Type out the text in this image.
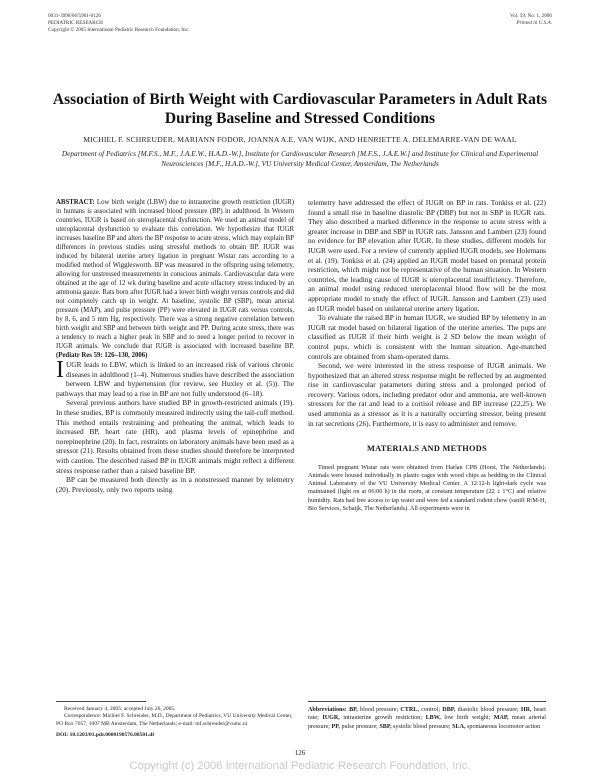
0031-3998/06/5901-0126
PEDIATRIC RESEARCH
Copyright © 2005 International Pediatric Research Foundation, Inc.
Vol. 59, No. 1, 2006
Printed in U.S.A.
Association of Birth Weight with Cardiovascular Parameters in Adult Rats During Baseline and Stressed Conditions
MICHIEL F. SCHREUDER, MARIANN FODOR, JOANNA A.E. VAN WIJK, AND HENRIETTE A. DELEMARRE-VAN DE WAAL
Department of Pediatrics [M.F.S., M.F., J.A.E.W., H.A.D.-W.], Institute for Cardiovascular Research [M.F.S., J.A.E.W.] and Institute for Clinical and Experimental Neurosciences [M.F., H.A.D.-W.], VU University Medical Center, Amsterdam, The Netherlands

ABSTRACT: Low birth weight (LBW) due to intrauterine growth restriction (IUGR) in humans is associated with increased blood pressure (BP) in adulthood. In Western countries, IUGR is based on uteroplacental dysfunction. We used an animal model of uteroplacental dysfunction to evaluate this correlation. We hypothesize that IUGR increases baseline BP and alters the BP response to acute stress, which may explain BP differences in previous studies using stressful methods to obtain BP. IUGR was induced by bilateral uterine artery ligation in pregnant Wistar rats according to a modified method of Wigglesworth. BP was measured in the offspring using telemetry, allowing for unstressed measurements in conscious animals. Cardiovascular data were obtained at the age of 12 wk during baseline and acute olfactory stress induced by an ammonia gauze. Rats born after IUGR had a lower birth weight versus controls and did not completely catch up in weight. At baseline, systolic BP (SBP), mean arterial pressure (MAP), and pulse pressure (PP) were elevated in IUGR rats versus controls, by 8, 6, and 5 mm Hg, respectively. There was a strong negative correlation between birth weight and SBP and between birth weight and PP. During acute stress, there was a tendency to reach a higher peak in SBP and to need a longer period to recover in IUGR animals. We conclude that IUGR is associated with increased baseline BP. (Pediatr Res 59: 126–130, 2006)

IUGR leads to LBW, which is linked to an increased risk of various chronic diseases in adulthood (1–4). Numerous studies have described the association between LBW and hypertension (for review, see Huxley et al. (5)). The pathways that may lead to a rise in BP are not fully understood (6–18).

Several previous authors have studied BP in growth-restricted animals (19). In these studies, BP is commonly measured indirectly using the tail-cuff method. This method entails restraining and preheating the animal, which leads to increased BP, heart rate (HR), and plasma levels of epinephrine and norepinephrine (20). In fact, restraints on laboratory animals have been used as a stressor (21). Results obtained from these studies should therefore be interpreted with caution. The described raised BP in IUGR animals might reflect a different stress response rather than a raised baseline BP.

BP can be measured both directly as in a nonstressed manner by telemetry (20). Previously, only two reports using

telemetry have addressed the effect of IUGR on BP in rats. Tonkiss et al. (22) found a small rise in baseline diastolic BP (DBP) but not in SBP in IUGR rats. They also described a marked difference in the response to acute stress with a greater increase in DBP and SBP in IUGR rats. Jansson and Lambert (23) found no evidence for BP elevation after IUGR. In these studies, different models for IUGR were used. For a review of currently applied IUGR models, see Holemans et al. (19). Tonkiss et al. (24) applied an IUGR model based on prenatal protein restriction, which might not be representative of the human situation. In Western countries, the leading cause of IUGR is uteroplacental insufficiency. Therefore, an animal model using reduced uteroplacental blood flow will be the most appropriate model to study the effect of IUGR. Jansson and Lambert (23) used an IUGR model based on unilateral uterine artery ligation.

To evaluate the raised BP in human IUGR, we studied BP by telemetry in an IUGR rat model based on bilateral ligation of the uterine arteries. The pups are classified as IUGR if their birth weight is 2 SD below the mean weight of control pups, which is consistent with the human situation. Age-matched controls are obtained from sham-operated dams.

Second, we were interested in the stress response of IUGR animals. We hypothesized that an altered stress response might be reflected by an augmented rise in cardiovascular parameters during stress and a prolonged period of recovery. Various odors, including predator odor and ammonia, are well-known stressors for the rat and lead to a cortisol release and BP increase (22,25). We used ammonia as a stressor as it is a naturally occurring stressor, being present in rat secretions (26). Furthermore, it is easy to administer and remove.

MATERIALS AND METHODS

Timed pregnant Wistar rats were obtained from Harlan CPB (Horst, The Netherlands). Animals were housed individually in plastic cages with wood chips as bedding in the Clinical Animal Laboratory of the VU University Medical Center. A 12:12-h light-dark cycle was maintained (light on at 06:00 h) in the room, at constant temperature (22 ± 1°C) and relative humidity. Rats had free access to tap water and were fed a standard rodent chow (ssniff R/M-H, Bio Services, Schaijk, The Netherlands). All experiments were in

Received January 4, 2005; accepted July 26, 2005.

Correspondence: Michiel F. Schreuder, M.D., Department of Pediatrics, VU University Medical Center, PO Box 7057, 1007 MB Amsterdam, The Netherlands; e-mail: mf.schreuder@vumc.nl

DOI: 10.1203/01.pdr.0000190576.08501.df

Abbreviations: BP, blood pressure; CTRL, control; DBP, diastolic blood pressure; HR, heart rate; IUGR, intrauterine growth restriction; LBW, low birth weight; MAP, mean arterial pressure; PP, pulse pressure; SBP, systolic blood pressure; SLA, spontaneous locomotor action
126
Copyright (c) 2006 International Pediatric Research Foundation, Inc.
